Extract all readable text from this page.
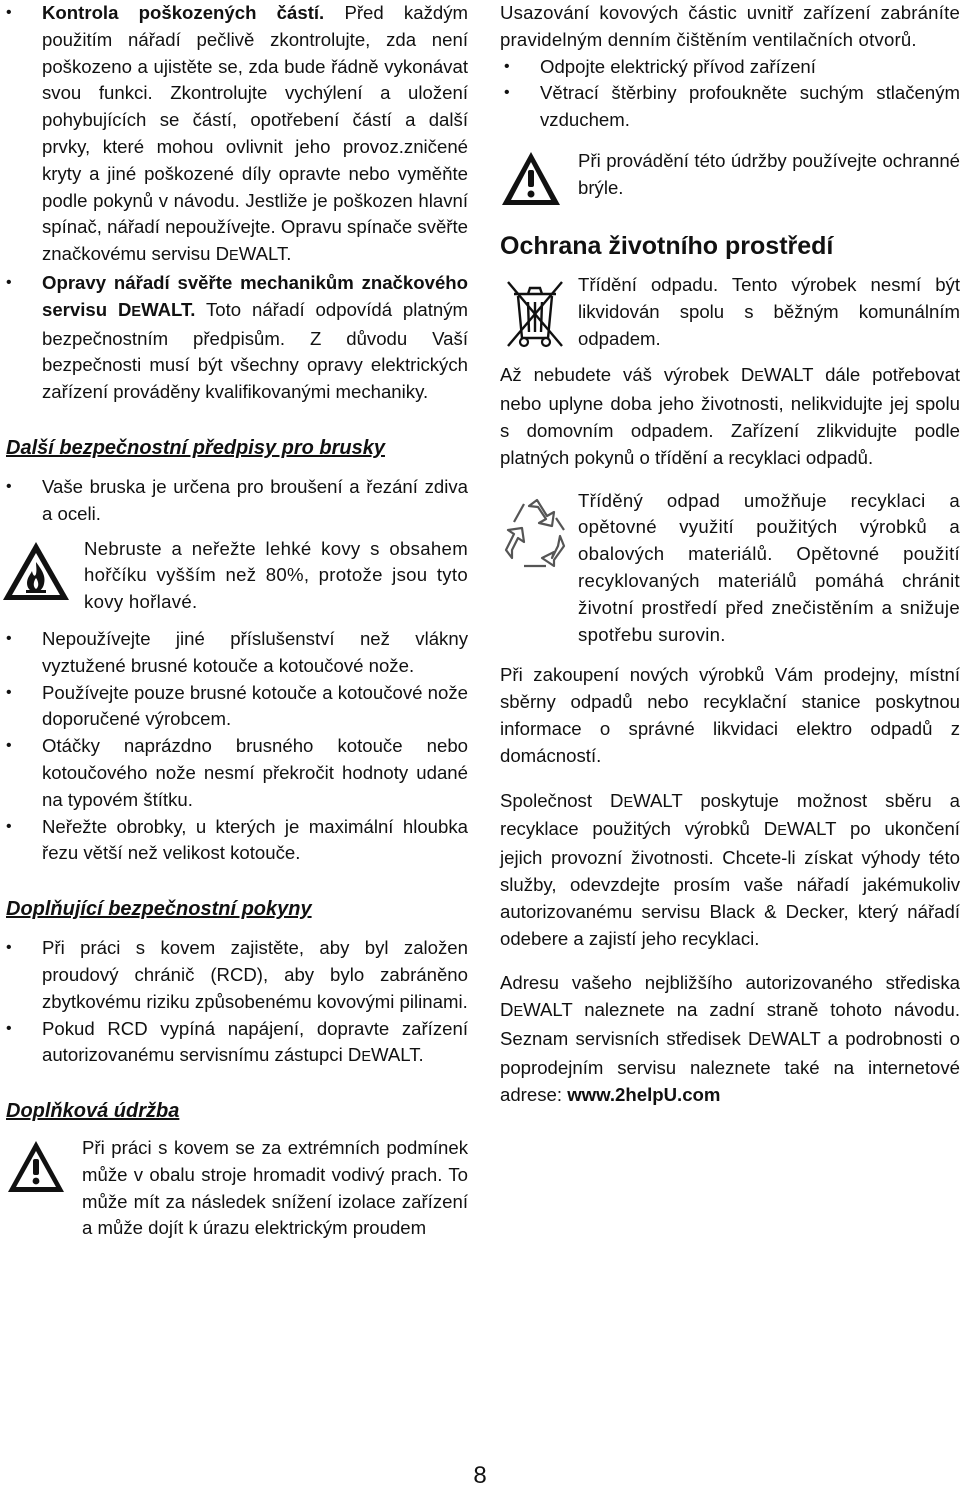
• Kontrola poškozených částí. Před každým použitím nářadí pečlivě zkontrolujte, zda není poškozeno a ujistěte se, zda bude řádně vykonávat svou funkci. Zkontrolujte vychýlení a uložení pohybujících se částí, opotřebení částí a další prvky, které mohou ovlivnit jeho provoz.zničené kryty a jiné poškozené díly opravte nebo vyměňte podle pokynů v návodu. Jestliže je poškozen hlavní spínač, nářadí nepoužívejte. Opravu spínače svěřte značkovému servisu DEWALT.
• Opravy nářadí svěřte mechanikům značkového servisu DEWALT. Toto nářadí odpovídá platným bezpečnostním předpisům. Z důvodu Vaší bezpečnosti musí být všechny opravy elektrických zařízení prováděny kvalifikovanými mechaniky.
Další bezpečnostní předpisy pro brusky
• Vaše bruska je určena pro broušení a řezání zdiva a oceli.

Nebruste a neřežte lehké kovy s obsahem hořčíku vyšším než 80%, protože jsou tyto kovy hořlavé.

• Nepoužívejte jiné příslušenství než vlákny vyztužené brusné kotouče a kotoučové nože.
• Používejte pouze brusné kotouče a kotoučové nože doporučené výrobcem.
• Otáčky naprázdno brusného kotouče nebo kotoučového nože nesmí překročit hodnoty udané na typovém štítku.
• Neřežte obrobky, u kterých je maximální hloubka řezu větší než velikost kotouče.
Doplňující bezpečnostní pokyny
• Při práci s kovem zajistěte, aby byl založen proudový chránič (RCD), aby bylo zabráněno zbytkovému riziku způsobenému kovovými pilinami.
• Pokud RCD vypíná napájení, dopravte zařízení autorizovanému servisnímu zástupci DEWALT.
Doplňková údržba

Při práci s kovem se za extrémních podmínek může v obalu stroje hromadit vodivý prach. To může mít za následek snížení izolace zařízení a může dojít k úrazu elektrickým proudem

Usazování kovových částic uvnitř zařízení zabráníte pravidelným denním čištěním ventilačních otvorů.

• Odpojte elektrický přívod zařízení
• Větrací štěrbiny profoukněte suchým stlačeným vzduchem.

Při provádění této údržby používejte ochranné brýle.

Ochrana životního prostředí

Třídění odpadu. Tento výrobek nesmí být likvidován spolu s běžným komunálním odpadem.

Až nebudete váš výrobek DEWALT dále potřebovat nebo uplyne doba jeho životnosti, nelikvidujte jej spolu s domovním odpadem. Zařízení zlikvidujte podle platných pokynů o třídění a recyklaci odpadů.

Tříděný odpad umožňuje recyklaci a opětovné využití použitých výrobků a obalových materiálů. Opětovné použití recyklovaných materiálů pomáhá chránit životní prostředí před znečistěním a snižuje spotřebu surovin.

Při zakoupení nových výrobků Vám prodejny, místní sběrny odpadů nebo recyklační stanice poskytnou informace o správné likvidaci elektro odpadů z domácností.

Společnost DEWALT poskytuje možnost sběru a recyklace použitých výrobků DEWALT po ukončení jejich provozní životnosti. Chcete-li získat výhody této služby, odevzdejte prosím vaše nářadí jakémukoliv autorizovanému servisu Black & Decker, který nářadí odebere a zajistí jeho recyklaci.

Adresu vašeho nejbližšího autorizovaného střediska DEWALT naleznete na zadní straně tohoto návodu. Seznam servisních středisek DEWALT a podrobnosti o poprodejním servisu naleznete také na internetové adrese: www.2helpU.com

8
